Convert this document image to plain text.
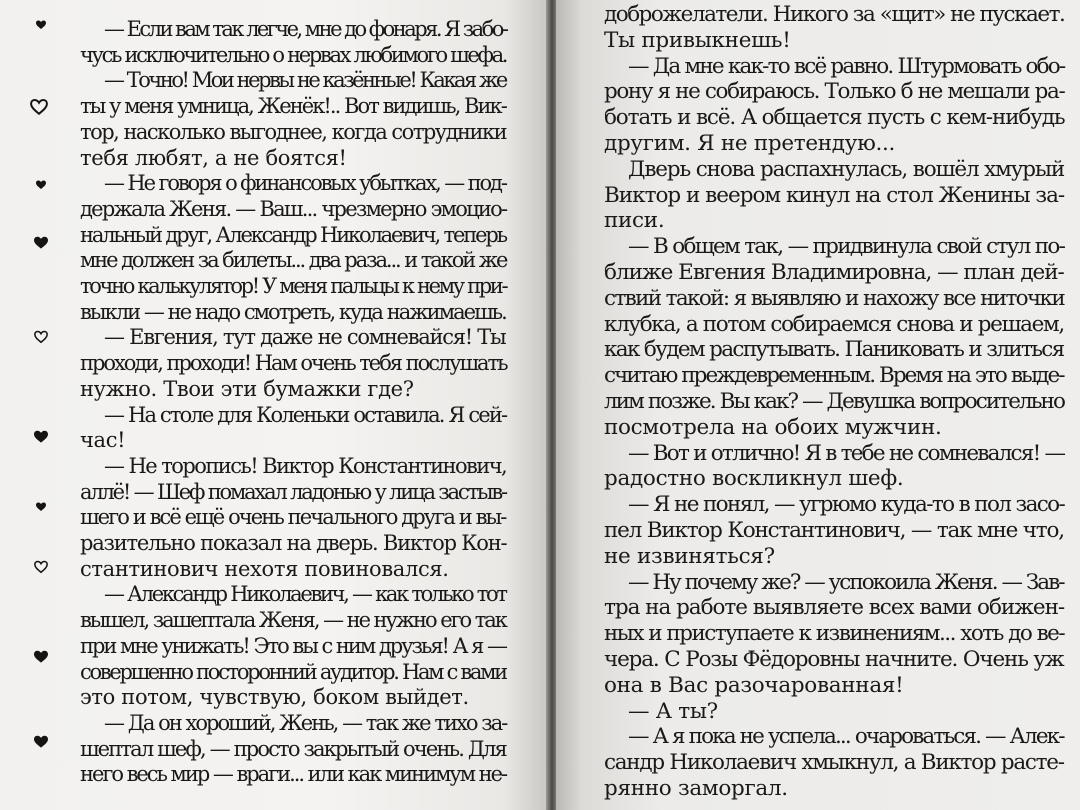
— Если вам так легче, мне до фонаря. Я забо-
чусь исключительно о нервах любимого шефа.
— Точно! Мои нервы не казённые! Какая же
ты у меня умница, Женёк!.. Вот видишь, Вик-
тор, насколько выгоднее, когда сотрудники
тебя любят, а не боятся!
— Не говоря о финансовых убытках, — под-
держала Женя. — Ваш... чрезмерно эмоцио-
нальный друг, Александр Николаевич, теперь
мне должен за билеты... два раза... и такой же
точно калькулятор! У меня пальцы к нему при-
выкли — не надо смотреть, куда нажимаешь.
— Евгения, тут даже не сомневайся! Ты
проходи, проходи! Нам очень тебя послушать
нужно. Твои эти бумажки где?
— На столе для Коленьки оставила. Я сей-
час!
— Не торопись! Виктор Константинович,
аллё! — Шеф помахал ладонью у лица застыв-
шего и всё ещё очень печального друга и вы-
разительно показал на дверь. Виктор Кон-
стантинович нехотя повиновался.
— Александр Николаевич, — как только тот
вышел, зашептала Женя, — не нужно его так
при мне унижать! Это вы с ним друзья! А я —
совершенно посторонний аудитор. Нам с вами
это потом, чувствую, боком выйдет.
— Да он хороший, Жень, — так же тихо за-
шептал шеф, — просто закрытый очень. Для
него весь мир — враги... или как минимум не-
доброжелатели. Никого за «щит» не пускает.
Ты привыкнешь!
— Да мне как-то всё равно. Штурмовать обо-
рону я не собираюсь. Только б не мешали ра-
ботать и всё. А общается пусть с кем-нибудь
другим. Я не претендую...
Дверь снова распахнулась, вошёл хмурый
Виктор и веером кинул на стол Женины за-
писи.
— В общем так, — придвинула свой стул по-
ближе Евгения Владимировна, — план дей-
ствий такой: я выявляю и нахожу все ниточки
клубка, а потом собираемся снова и решаем,
как будем распутывать. Паниковать и злиться
считаю преждевременным. Время на это выде-
лим позже. Вы как? — Девушка вопросительно
посмотрела на обоих мужчин.
— Вот и отлично! Я в тебе не сомневался! —
радостно воскликнул шеф.
— Я не понял, — угрюмо куда-то в пол засо-
пел Виктор Константинович, — так мне что,
не извиняться?
— Ну почему же? — успокоила Женя. — Зав-
тра на работе выявляете всех вами обижен-
ных и приступаете к извинениям... хоть до ве-
чера. С Розы Фёдоровны начните. Очень уж
она в Вас разочарованная!
— А ты?
— А я пока не успела... очароваться. — Алек-
сандр Николаевич хмыкнул, а Виктор расте-
рянно заморгал.
